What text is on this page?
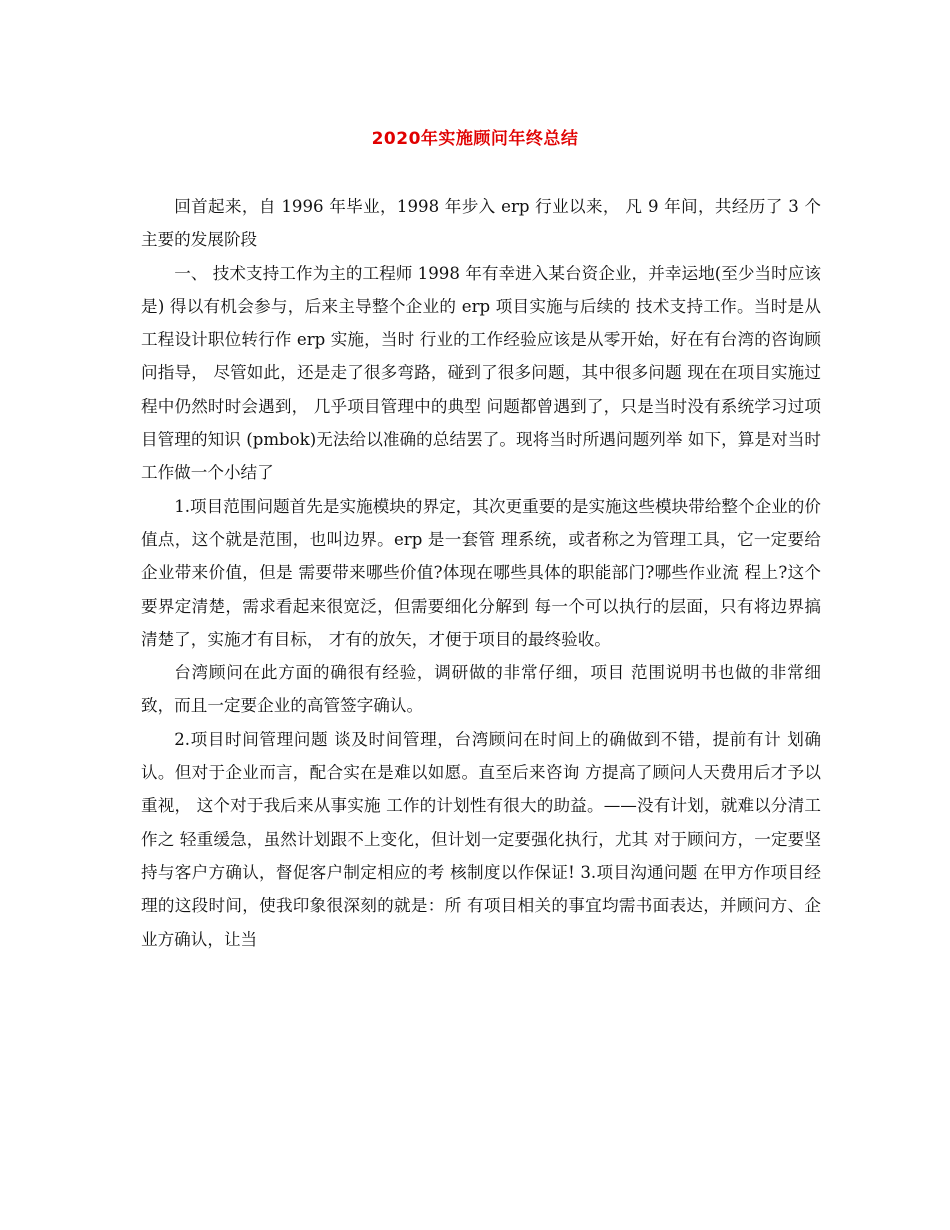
2020年实施顾问年终总结

回首起来，自 1996 年毕业，1998 年步入 erp 行业以来， 凡 9 年间，共经历了 3 个主要的发展阶段

一、 技术支持工作为主的工程师 1998 年有幸进入某台资企业，并幸运地(至少当时应该是) 得以有机会参与，后来主导整个企业的 erp 项目实施与后续的 技术支持工作。当时是从工程设计职位转行作 erp 实施，当时 行业的工作经验应该是从零开始，好在有台湾的咨询顾问指导， 尽管如此，还是走了很多弯路，碰到了很多问题，其中很多问题 现在在项目实施过程中仍然时时会遇到， 几乎项目管理中的典型 问题都曾遇到了，只是当时没有系统学习过项目管理的知识 (pmbok)无法给以准确的总结罢了。现将当时所遇问题列举 如下，算是对当时工作做一个小结了

1.项目范围问题首先是实施模块的界定，其次更重要的是实施这些模块带给整个企业的价值点，这个就是范围，也叫边界。erp 是一套管 理系统，或者称之为管理工具，它一定要给企业带来价值，但是 需要带来哪些价值?体现在哪些具体的职能部门?哪些作业流 程上?这个要界定清楚，需求看起来很宽泛，但需要细化分解到 每一个可以执行的层面，只有将边界搞清楚了，实施才有目标， 才有的放矢，才便于项目的最终验收。

台湾顾问在此方面的确很有经验，调研做的非常仔细，项目 范围说明书也做的非常细致，而且一定要企业的高管签字确认。

2.项目时间管理问题 谈及时间管理，台湾顾问在时间上的确做到不错，提前有计 划确认。但对于企业而言，配合实在是难以如愿。直至后来咨询 方提高了顾问人天费用后才予以重视， 这个对于我后来从事实施 工作的计划性有很大的助益。——没有计划，就难以分清工作之 轻重缓急，虽然计划跟不上变化，但计划一定要强化执行，尤其 对于顾问方，一定要坚持与客户方确认，督促客户制定相应的考 核制度以作保证! 3.项目沟通问题 在甲方作项目经理的这段时间，使我印象很深刻的就是：所 有项目相关的事宜均需书面表达，并顾问方、企业方确认，让当
